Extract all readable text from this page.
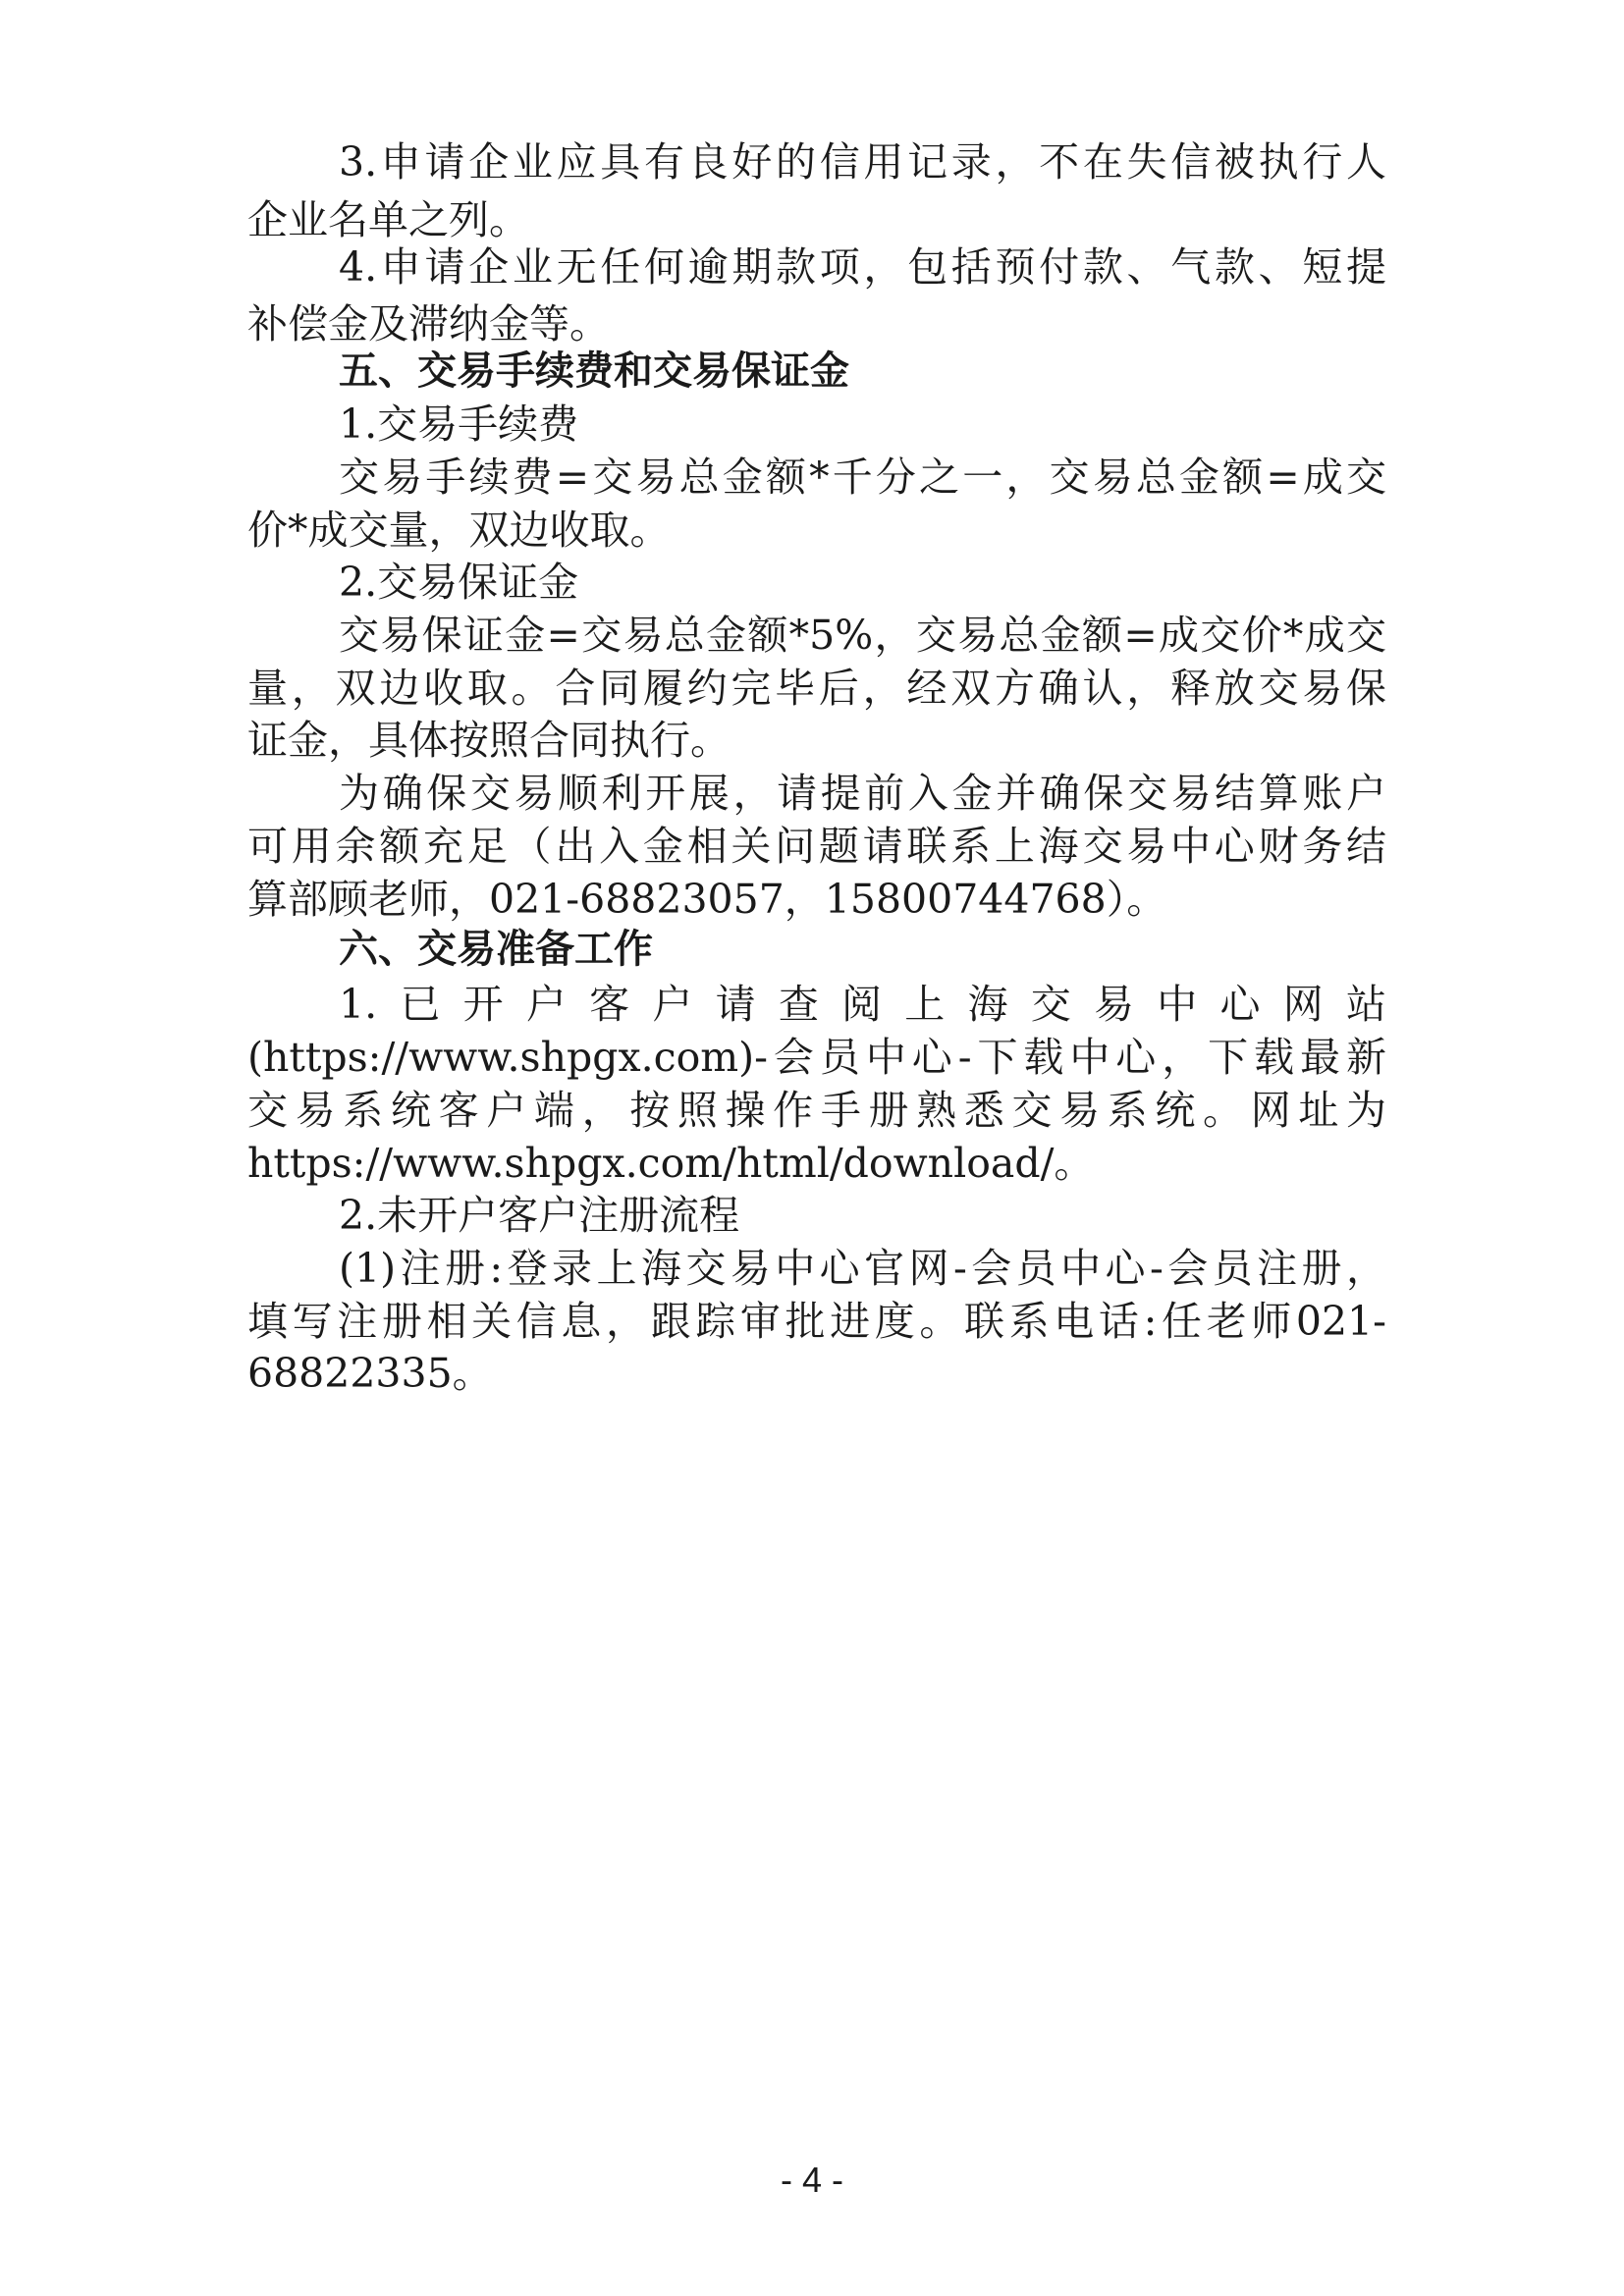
3.申请企业应具有良好的信用记录，不在失信被执行人
企业名单之列。
4.申请企业无任何逾期款项，包括预付款、气款、短提
补偿金及滞纳金等。
五、交易手续费和交易保证金
1.交易手续费
交易手续费=交易总金额*千分之一，交易总金额=成交
价*成交量，双边收取。
2.交易保证金
交易保证金=交易总金额*5%，交易总金额=成交价*成交
量，双边收取。合同履约完毕后，经双方确认，释放交易保
证金，具体按照合同执行。
为确保交易顺利开展，请提前入金并确保交易结算账户
可用余额充足（出入金相关问题请联系上海交易中心财务结
算部顾老师，021-68823057，15800744768）。
六、交易准备工作
1.已开户客户请查阅上海交易中心网站
(https://www.shpgx.com)-会员中心-下载中心，下载最新
交易系统客户端，按照操作手册熟悉交易系统。网址为
https://www.shpgx.com/html/download/。
2.未开户客户注册流程
(1)注册:登录上海交易中心官网-会员中心-会员注册，
填写注册相关信息，跟踪审批进度。联系电话:任老师021-
68822335。
- 4 -
